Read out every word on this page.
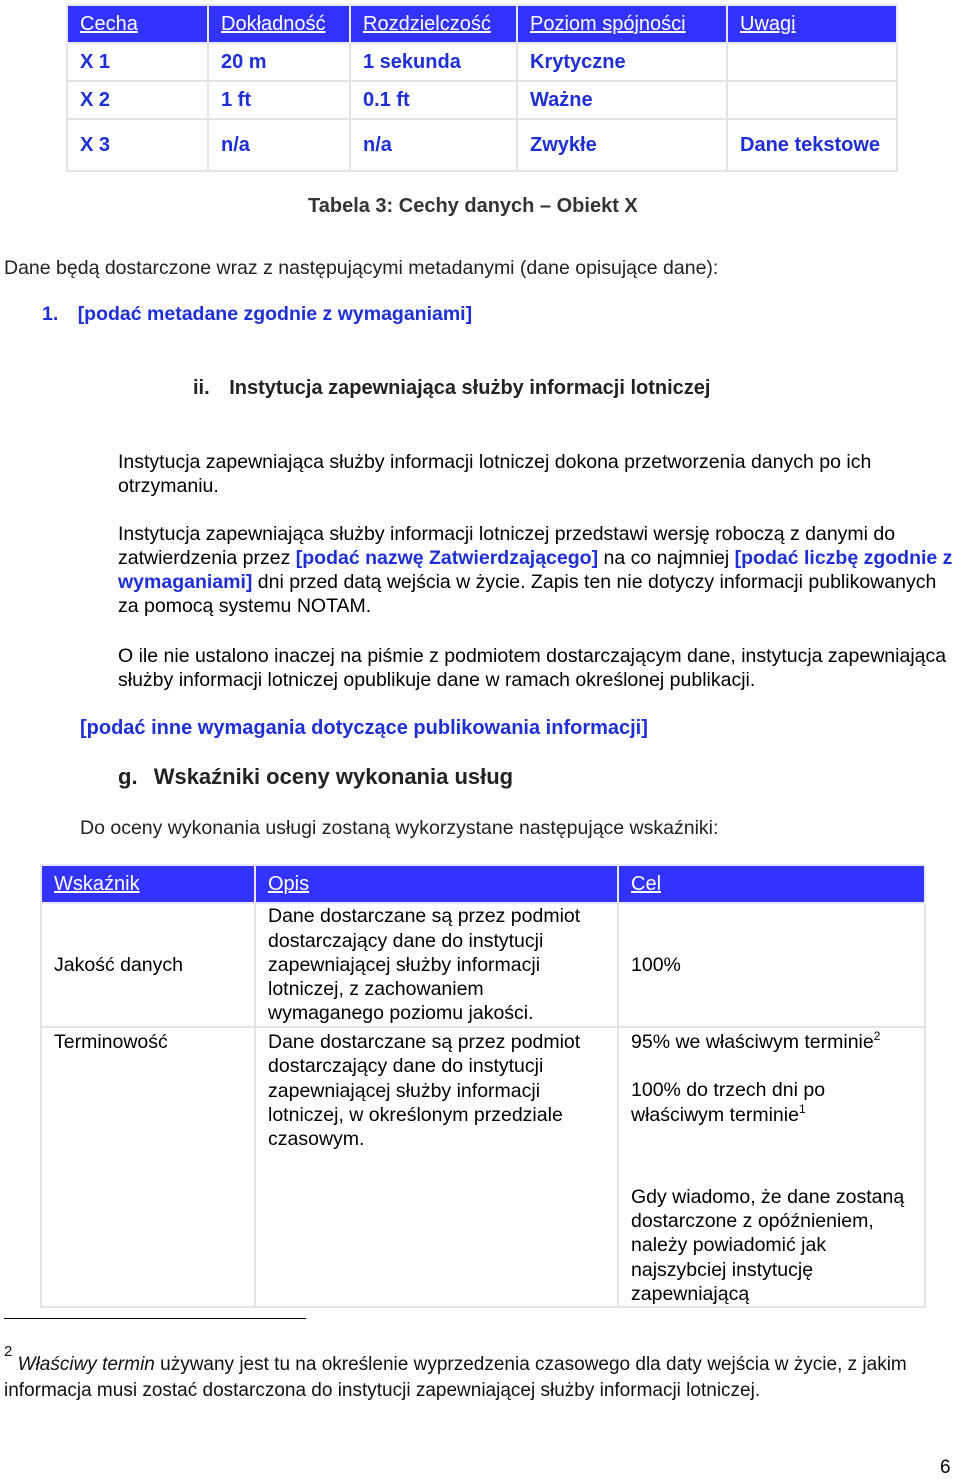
Cecha	Dokładność	Rozdzielczość	Poziom spójności	Uwagi
X 1	20 m	1 sekunda	Krytyczne	
X 2	1 ft	0.1 ft	Ważne	
X 3	n/a	n/a	Zwykłe	Dane tekstowe
Tabela 3: Cechy danych – Obiekt X
Dane będą dostarczone wraz z następującymi metadanymi (dane opisujące dane):
1. [podać metadane zgodnie z wymaganiami]
ii. Instytucja zapewniająca służby informacji lotniczej
Instytucja zapewniająca służby informacji lotniczej dokona przetworzenia danych po ich otrzymaniu.
Instytucja zapewniająca służby informacji lotniczej przedstawi wersję roboczą z danymi do zatwierdzenia przez [podać nazwę Zatwierdzającego] na co najmniej [podać liczbę zgodnie z wymaganiami] dni przed datą wejścia w życie. Zapis ten nie dotyczy informacji publikowanych za pomocą systemu NOTAM.
O ile nie ustalono inaczej na piśmie z podmiotem dostarczającym dane, instytucja zapewniająca służby informacji lotniczej opublikuje dane w ramach określonej publikacji.
[podać inne wymagania dotyczące publikowania informacji]
g. Wskaźniki oceny wykonania usług
Do oceny wykonania usługi zostaną wykorzystane następujące wskaźniki:
Wskaźnik	Opis	Cel
Jakość danych	Dane dostarczane są przez podmiot dostarczający dane do instytucji zapewniającej służby informacji lotniczej, z zachowaniem wymaganego poziomu jakości.	100%
Terminowość	Dane dostarczane są przez podmiot dostarczający dane do instytucji zapewniającej służby informacji lotniczej, w określonym przedziale czasowym.	95% we właściwym terminie$^2$
100% do trzech dni po właściwym terminie$^1$
Gdy wiadomo, że dane zostaną dostarczone z opóźnieniem, należy powiadomić jak najszybciej instytucję zapewniającą
$^2$ Właściwy termin używany jest tu na określenie wyprzedzenia czasowego dla daty wejścia w życie, z jakim informacja musi zostać dostarczona do instytucji zapewniającej służby informacji lotniczej.
6
